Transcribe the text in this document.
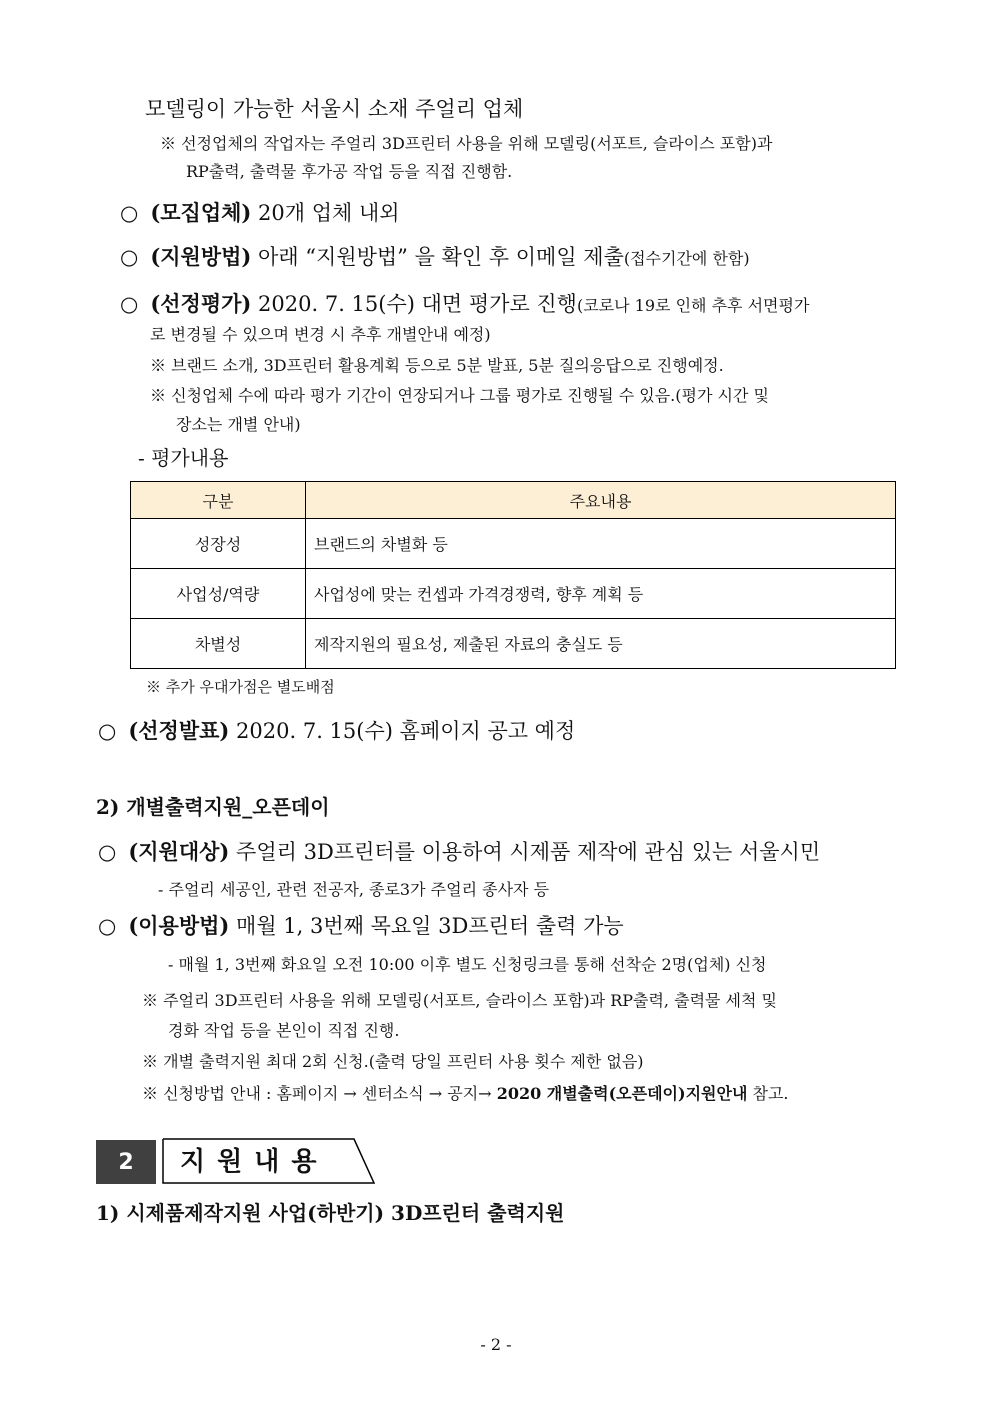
모델링이 가능한 서울시 소재 주얼리 업체
※ 선정업체의 작업자는 주얼리 3D프린터 사용을 위해 모델링(서포트, 슬라이스 포함)과
RP출력, 출력물 후가공 작업 등을 직접 진행함.
○ (모집업체) 20개 업체 내외
○ (지원방법) 아래 “지원방법” 을 확인 후 이메일 제출(접수기간에 한함)
○ (선정평가) 2020. 7. 15(수) 대면 평가로 진행(코로나 19로 인해 추후 서면평가
로 변경될 수 있으며 변경 시 추후 개별안내 예정)
※ 브랜드 소개, 3D프린터 활용계획 등으로 5분 발표, 5분 질의응답으로 진행예정.
※ 신청업체 수에 따라 평가 기간이 연장되거나 그룹 평가로 진행될 수 있음.(평가 시간 및
장소는 개별 안내)
- 평가내용
구분	주요내용
성장성	브랜드의 차별화 등
사업성/역량	사업성에 맞는 컨셉과 가격경쟁력, 향후 계획 등
차별성	제작지원의 필요성, 제출된 자료의 충실도 등
※ 추가 우대가점은 별도배점
○ (선정발표) 2020. 7. 15(수) 홈페이지 공고 예정
2) 개별출력지원_오픈데이
○ (지원대상) 주얼리 3D프린터를 이용하여 시제품 제작에 관심 있는 서울시민
- 주얼리 세공인, 관련 전공자, 종로3가 주얼리 종사자 등
○ (이용방법) 매월 1, 3번째 목요일 3D프린터 출력 가능
- 매월 1, 3번째 화요일 오전 10:00 이후 별도 신청링크를 통해 선착순 2명(업체) 신청
※ 주얼리 3D프린터 사용을 위해 모델링(서포트, 슬라이스 포함)과 RP출력, 출력물 세척 및
경화 작업 등을 본인이 직접 진행.
※ 개별 출력지원 최대 2회 신청.(출력 당일 프린터 사용 횟수 제한 없음)
※ 신청방법 안내 : 홈페이지 → 센터소식 → 공지→ 2020 개별출력(오픈데이)지원안내 참고.
2	지원내용
1) 시제품제작지원 사업(하반기) 3D프린터 출력지원
- 2 -
